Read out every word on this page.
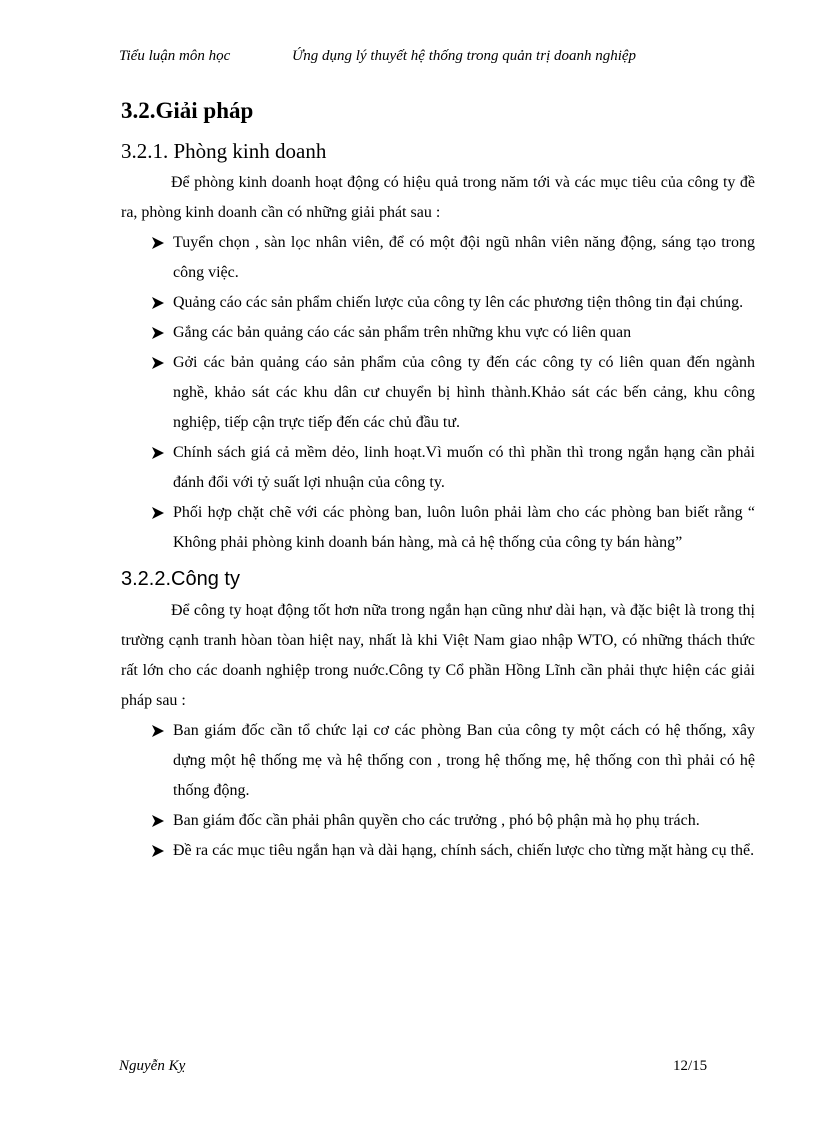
Tiểu luận môn học	Ứng dụng lý thuyết hệ thống trong quản trị doanh nghiệp
3.2.Giải pháp
3.2.1. Phòng kinh doanh

Để phòng kinh doanh hoạt động có hiệu quả trong năm tới và các mục tiêu của công ty đề ra, phòng kinh doanh cần có những giải phát sau :

Tuyển chọn , sàn lọc nhân viên, để có một đội ngũ nhân viên năng động, sáng tạo trong công việc.
Quảng cáo các sản phẩm chiến lược của công ty lên các phương tiện thông tin đại chúng.
Gắng các bản quảng cáo các sản phẩm trên những khu vực có liên quan
Gởi các bản quảng cáo sản phẩm của công ty đến các công ty có liên quan đến ngành nghề, khảo sát các khu dân cư chuyển bị hình thành.Khảo sát các bến cảng, khu công nghiệp, tiếp cận trực tiếp đến các chủ đầu tư.
Chính sách giá cả mềm dẻo, linh hoạt.Vì muốn có thì phần thì trong ngắn hạng cần phải đánh đổi với tỷ suất lợi nhuận của công ty.
Phối hợp chặt chẽ với các phòng ban, luôn luôn phải làm cho các phòng ban biết rằng “ Không phải phòng kinh doanh bán hàng, mà cả hệ thống của công ty bán hàng”
3.2.2.Công ty

Để công ty hoạt động tốt hơn nữa trong ngắn hạn cũng như dài hạn, và đặc biệt là trong thị trường cạnh tranh hòan tòan hiệt nay, nhất là khi Việt Nam giao nhập WTO, có những thách thức rất lớn cho các doanh nghiệp trong nuớc.Công ty Cổ phần Hồng Lĩnh cần phải thực hiện các giải pháp sau :

Ban giám đốc cần tổ chức lại cơ các phòng Ban của công ty một cách có hệ thống, xây dựng một hệ thống mẹ và hệ thống con , trong hệ thống mẹ, hệ thống con thì phải có hệ thống động.
Ban giám đốc cần phải phân quyền cho các trưởng , phó bộ phận mà họ phụ trách.
Đề ra các mục tiêu ngắn hạn và dài hạng, chính sách, chiến lược cho từng mặt hàng cụ thể.
Nguyễn Kỵ	12/15
